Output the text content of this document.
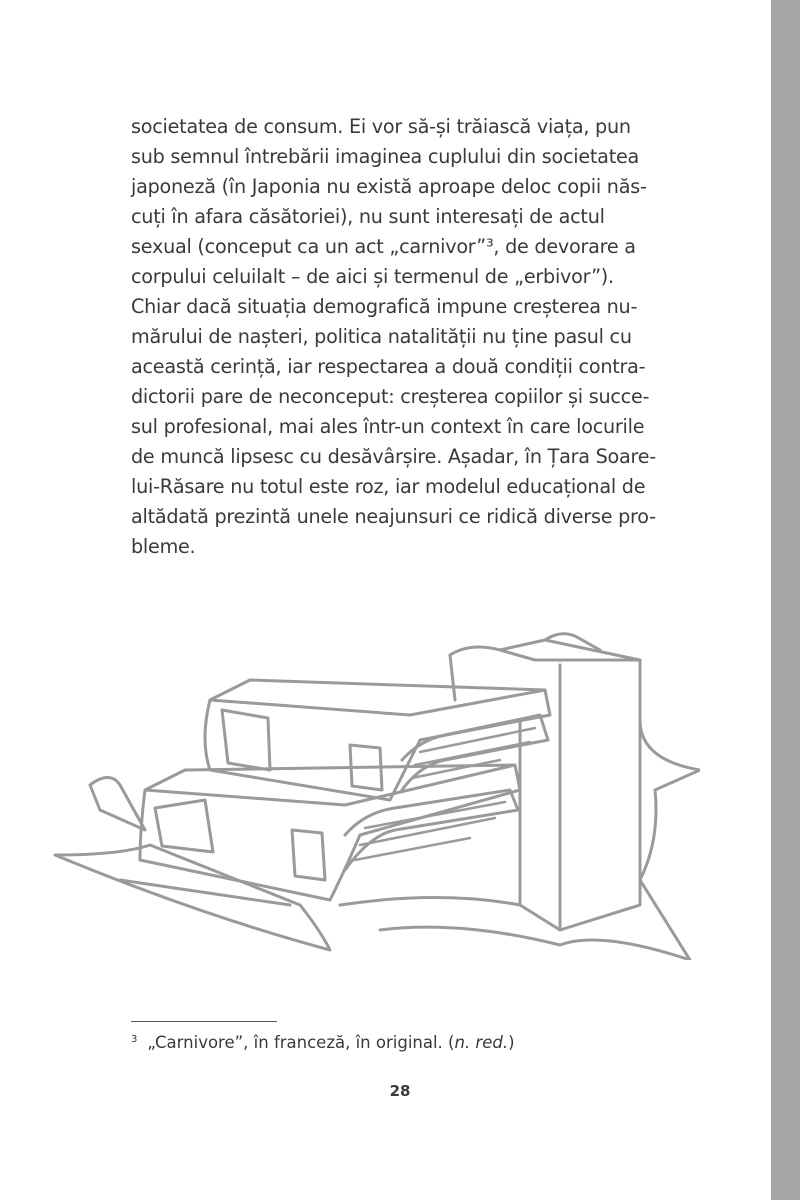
societatea de consum. Ei vor să-și trăiască viața, pun
sub semnul întrebării imaginea cuplului din societatea
japoneză (în Japonia nu există aproape deloc copii năs-
cuți în afara căsătoriei), nu sunt interesați de actul
sexual (conceput ca un act „carnivor”³, de devorare a
corpului celuilalt – de aici și termenul de „erbivor”).
Chiar dacă situația demografică impune creșterea nu-
mărului de nașteri, politica natalității nu ține pasul cu
această cerință, iar respectarea a două condiții contra-
dictorii pare de neconceput: creșterea copiilor și succe-
sul profesional, mai ales într-un context în care locurile
de muncă lipsesc cu desăvârșire. Așadar, în Țara Soare-
lui-Răsare nu totul este roz, iar modelul educațional de
altădată prezintă unele neajunsuri ce ridică diverse pro-
bleme.
$^3$ „Carnivore”, în franceză, în original. (n. red.)
28
